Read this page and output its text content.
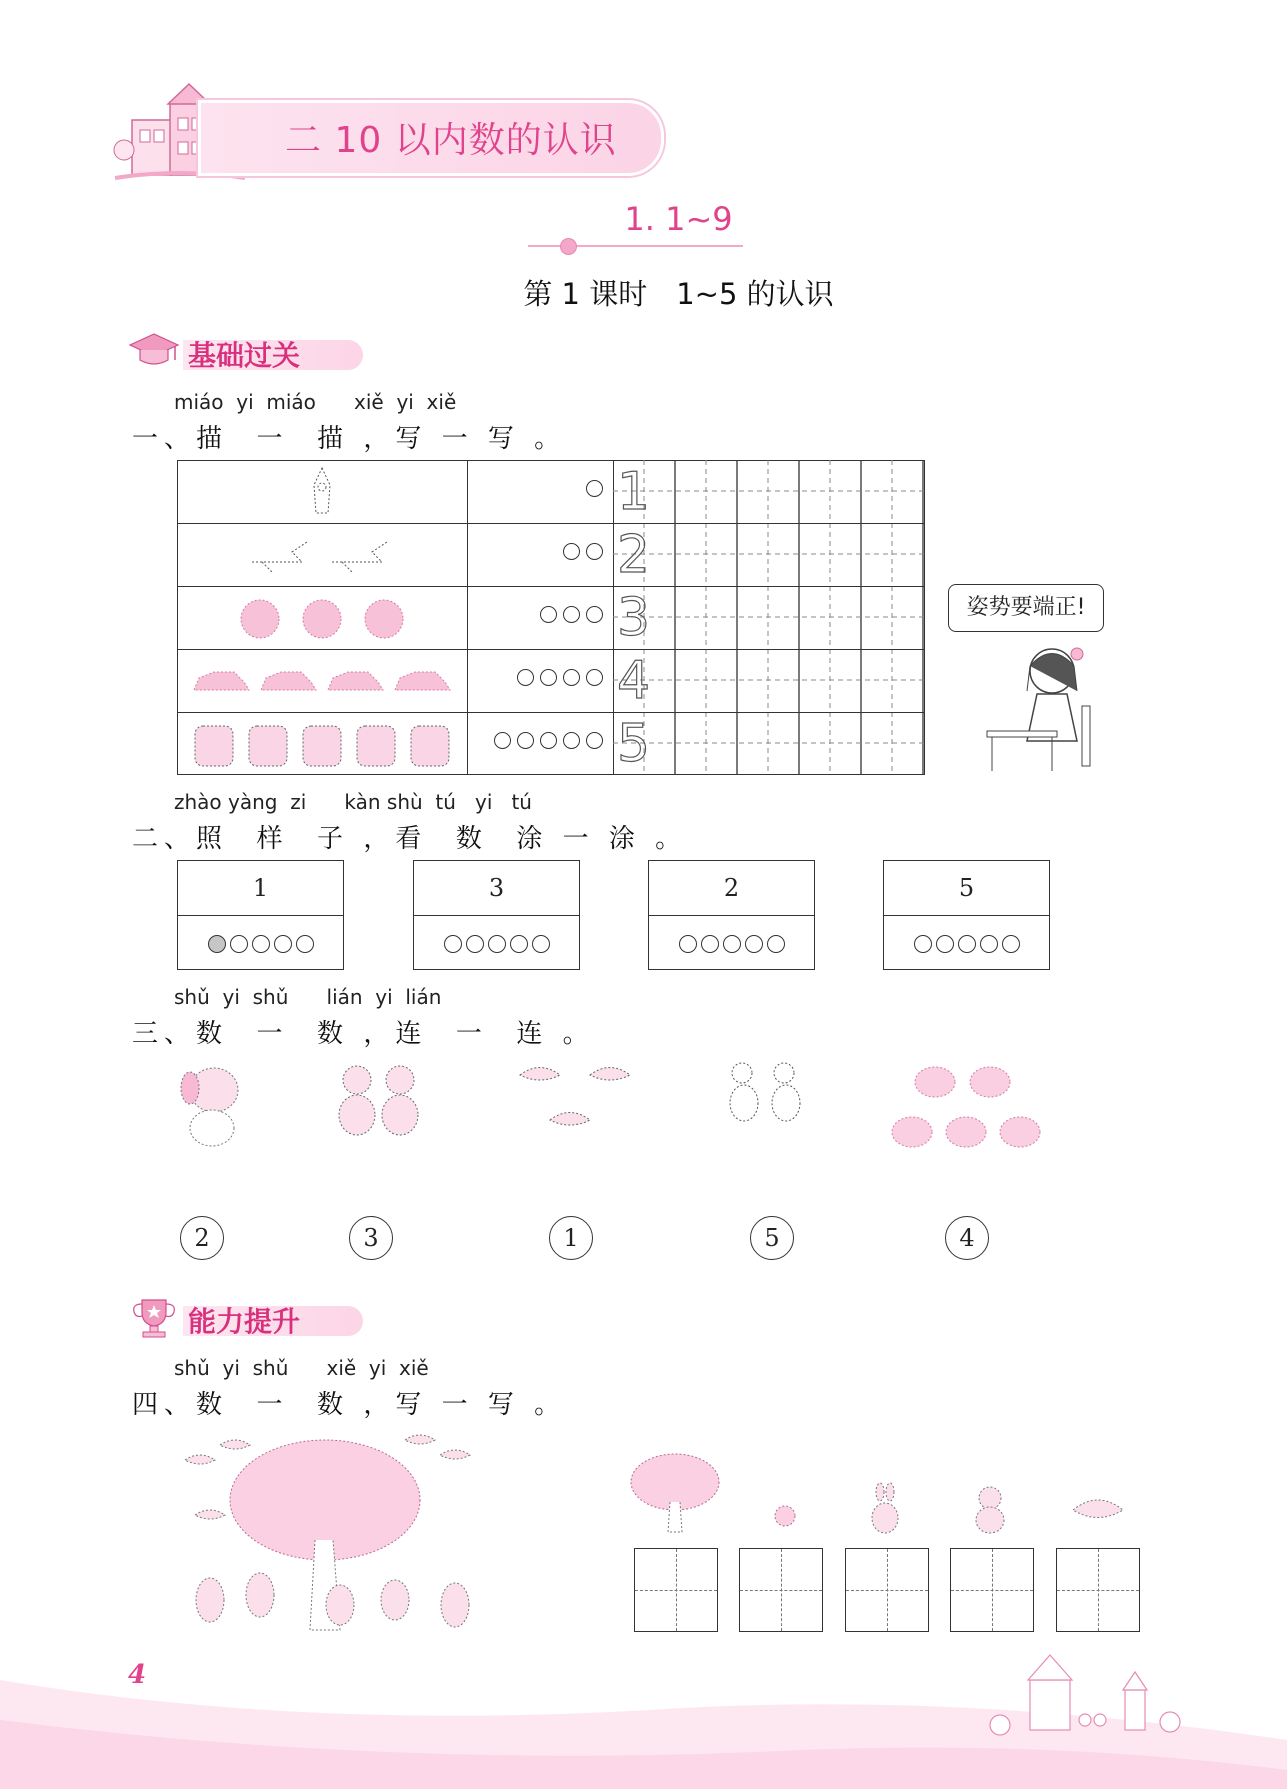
二 10 以内数的认识
1. 1~9
第 1 课时　1~5 的认识
基础过关
miáo  yi  miáo      xiě  yi  xiě
一、描  一  描 ，写 一 写 。
1
2
3
4
5
姿势要端正!
zhào yàng  zi      kàn shù  tú   yi   tú
二、照  样  子 ，看  数  涂 一 涂 。
1	3	2	5
shǔ  yi  shǔ      lián  yi  lián
三、数  一  数 ，连  一  连 。
2	3	1	5	4
能力提升
shǔ  yi  shǔ      xiě  yi  xiě
四、数  一  数 ，写 一 写 。
4
